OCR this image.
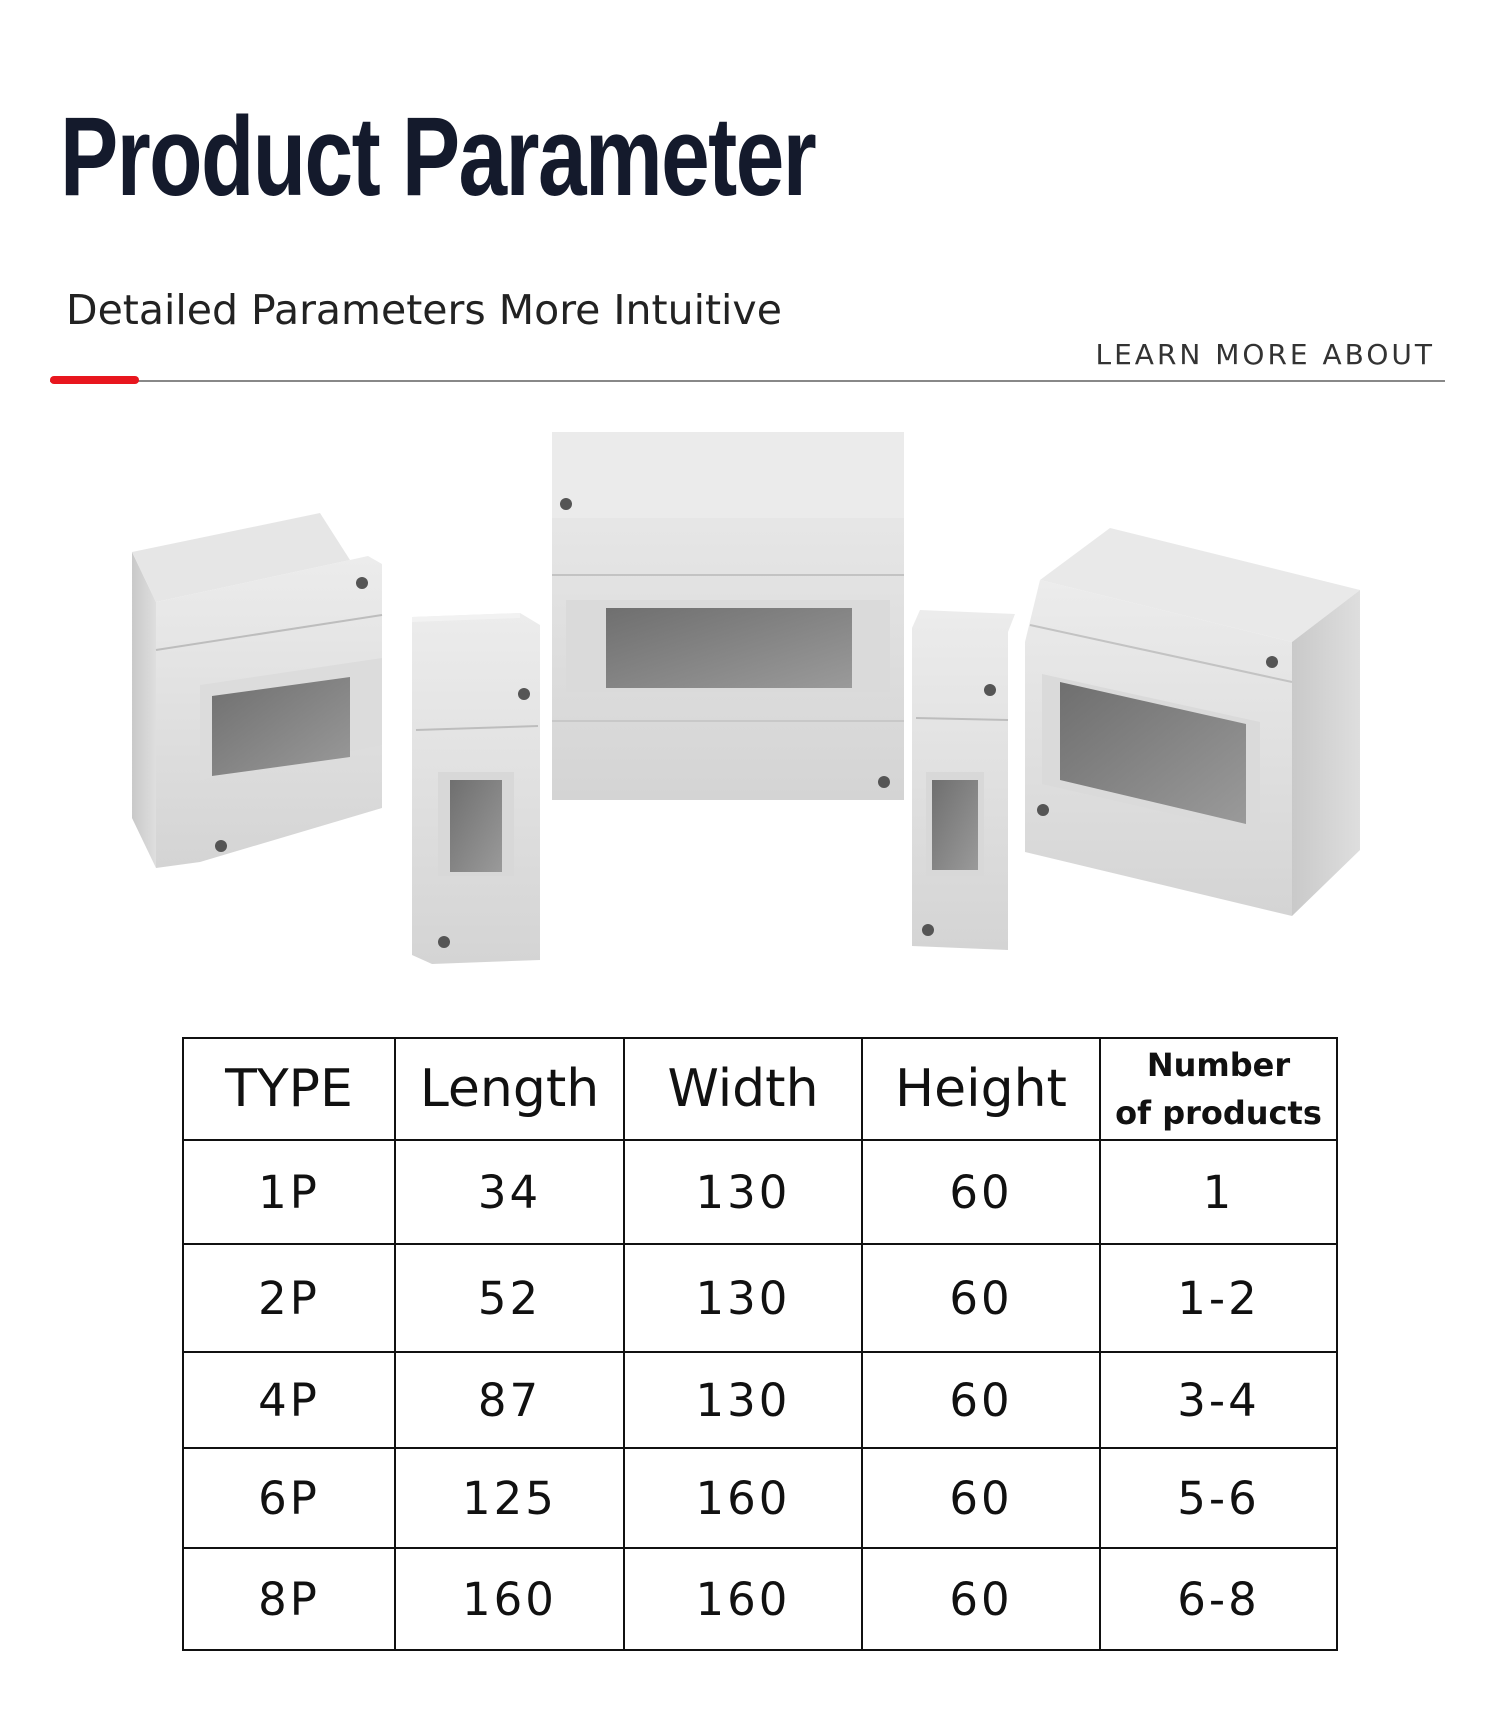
Product Parameter
Detailed Parameters More Intuitive
LEARN MORE ABOUT
TYPE	Length	Width	Height	Number
of products

1P	34	130	60	1
2P	52	130	60	1-2
4P	87	130	60	3-4
6P	125	160	60	5-6
8P	160	160	60	6-8
